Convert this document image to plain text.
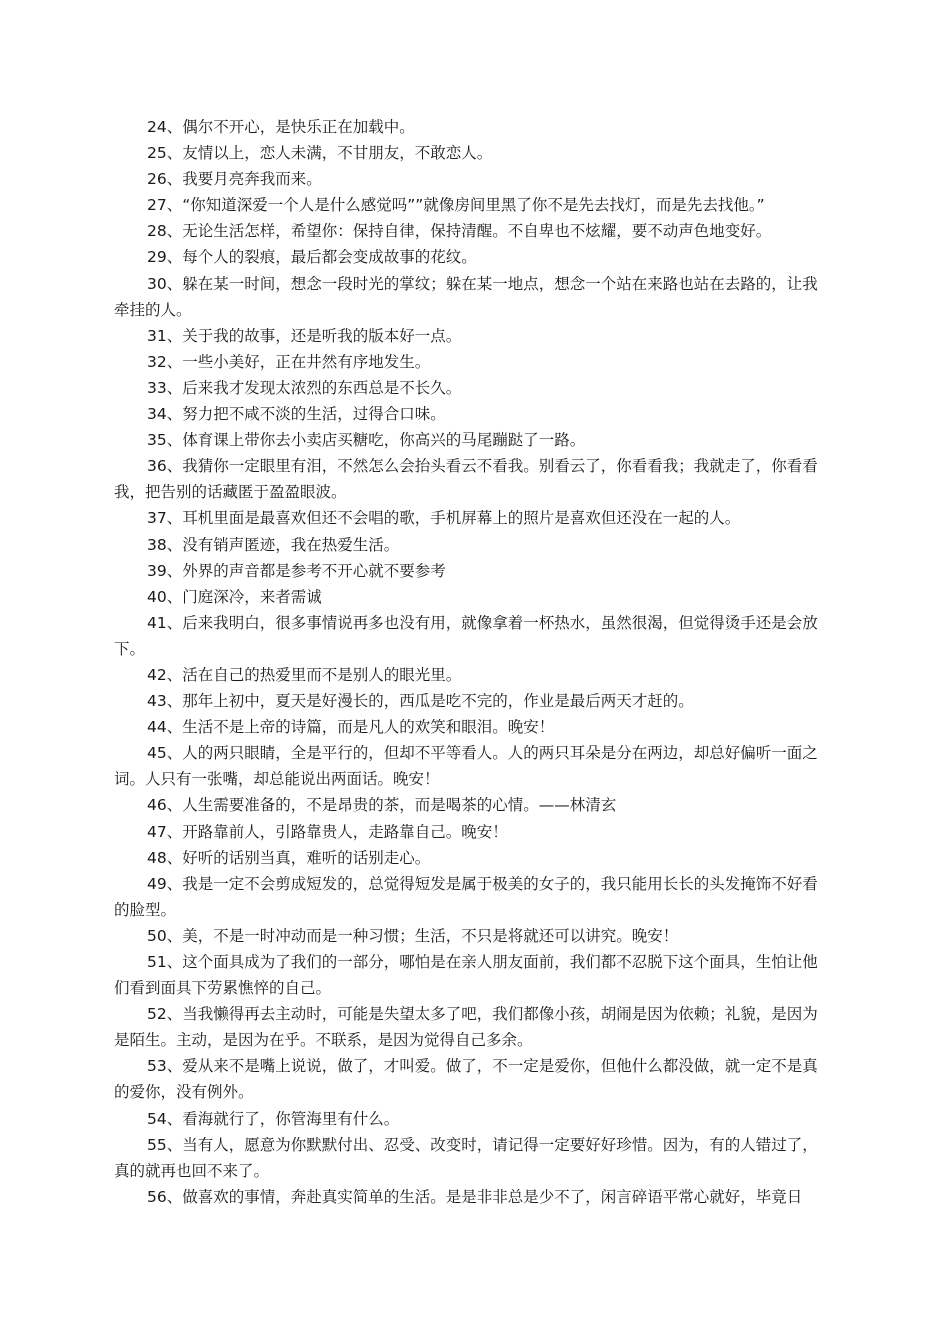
24、偶尔不开心，是快乐正在加载中。

25、友情以上，恋人未满，不甘朋友，不敢恋人。

26、我要月亮奔我而来。

27、“你知道深爱一个人是什么感觉吗””就像房间里黑了你不是先去找灯，而是先去找他。”

28、无论生活怎样，希望你：保持自律，保持清醒。不自卑也不炫耀，要不动声色地变好。

29、每个人的裂痕，最后都会变成故事的花纹。

30、躲在某一时间，想念一段时光的掌纹；躲在某一地点，想念一个站在来路也站在去路的，让我牵挂的人。

31、关于我的故事，还是听我的版本好一点。

32、一些小美好，正在井然有序地发生。

33、后来我才发现太浓烈的东西总是不长久。

34、努力把不咸不淡的生活，过得合口味。

35、体育课上带你去小卖店买糖吃，你高兴的马尾蹦跶了一路。

36、我猜你一定眼里有泪，不然怎么会抬头看云不看我。别看云了，你看看我；我就走了，你看看我，把告别的话藏匿于盈盈眼波。

37、耳机里面是最喜欢但还不会唱的歌，手机屏幕上的照片是喜欢但还没在一起的人。

38、没有销声匿迹，我在热爱生活。

39、外界的声音都是参考不开心就不要参考

40、门庭深冷，来者需诚

41、后来我明白，很多事情说再多也没有用，就像拿着一杯热水，虽然很渴，但觉得烫手还是会放下。

42、活在自己的热爱里而不是别人的眼光里。

43、那年上初中，夏天是好漫长的，西瓜是吃不完的，作业是最后两天才赶的。

44、生活不是上帝的诗篇，而是凡人的欢笑和眼泪。晚安！

45、人的两只眼睛，全是平行的，但却不平等看人。人的两只耳朵是分在两边，却总好偏听一面之词。人只有一张嘴，却总能说出两面话。晚安！

46、人生需要准备的，不是昂贵的茶，而是喝茶的心情。——林清玄

47、开路靠前人，引路靠贵人，走路靠自己。晚安！

48、好听的话别当真，难听的话别走心。

49、我是一定不会剪成短发的，总觉得短发是属于极美的女子的，我只能用长长的头发掩饰不好看的脸型。

50、美，不是一时冲动而是一种习惯；生活，不只是将就还可以讲究。晚安！

51、这个面具成为了我们的一部分，哪怕是在亲人朋友面前，我们都不忍脱下这个面具，生怕让他们看到面具下劳累憔悴的自己。

52、当我懒得再去主动时，可能是失望太多了吧，我们都像小孩，胡闹是因为依赖；礼貌，是因为是陌生。主动，是因为在乎。不联系，是因为觉得自己多余。

53、爱从来不是嘴上说说，做了，才叫爱。做了，不一定是爱你，但他什么都没做，就一定不是真的爱你，没有例外。

54、看海就行了，你管海里有什么。

55、当有人，愿意为你默默付出、忍受、改变时，请记得一定要好好珍惜。因为，有的人错过了，真的就再也回不来了。

56、做喜欢的事情，奔赴真实简单的生活。是是非非总是少不了，闲言碎语平常心就好，毕竟日
